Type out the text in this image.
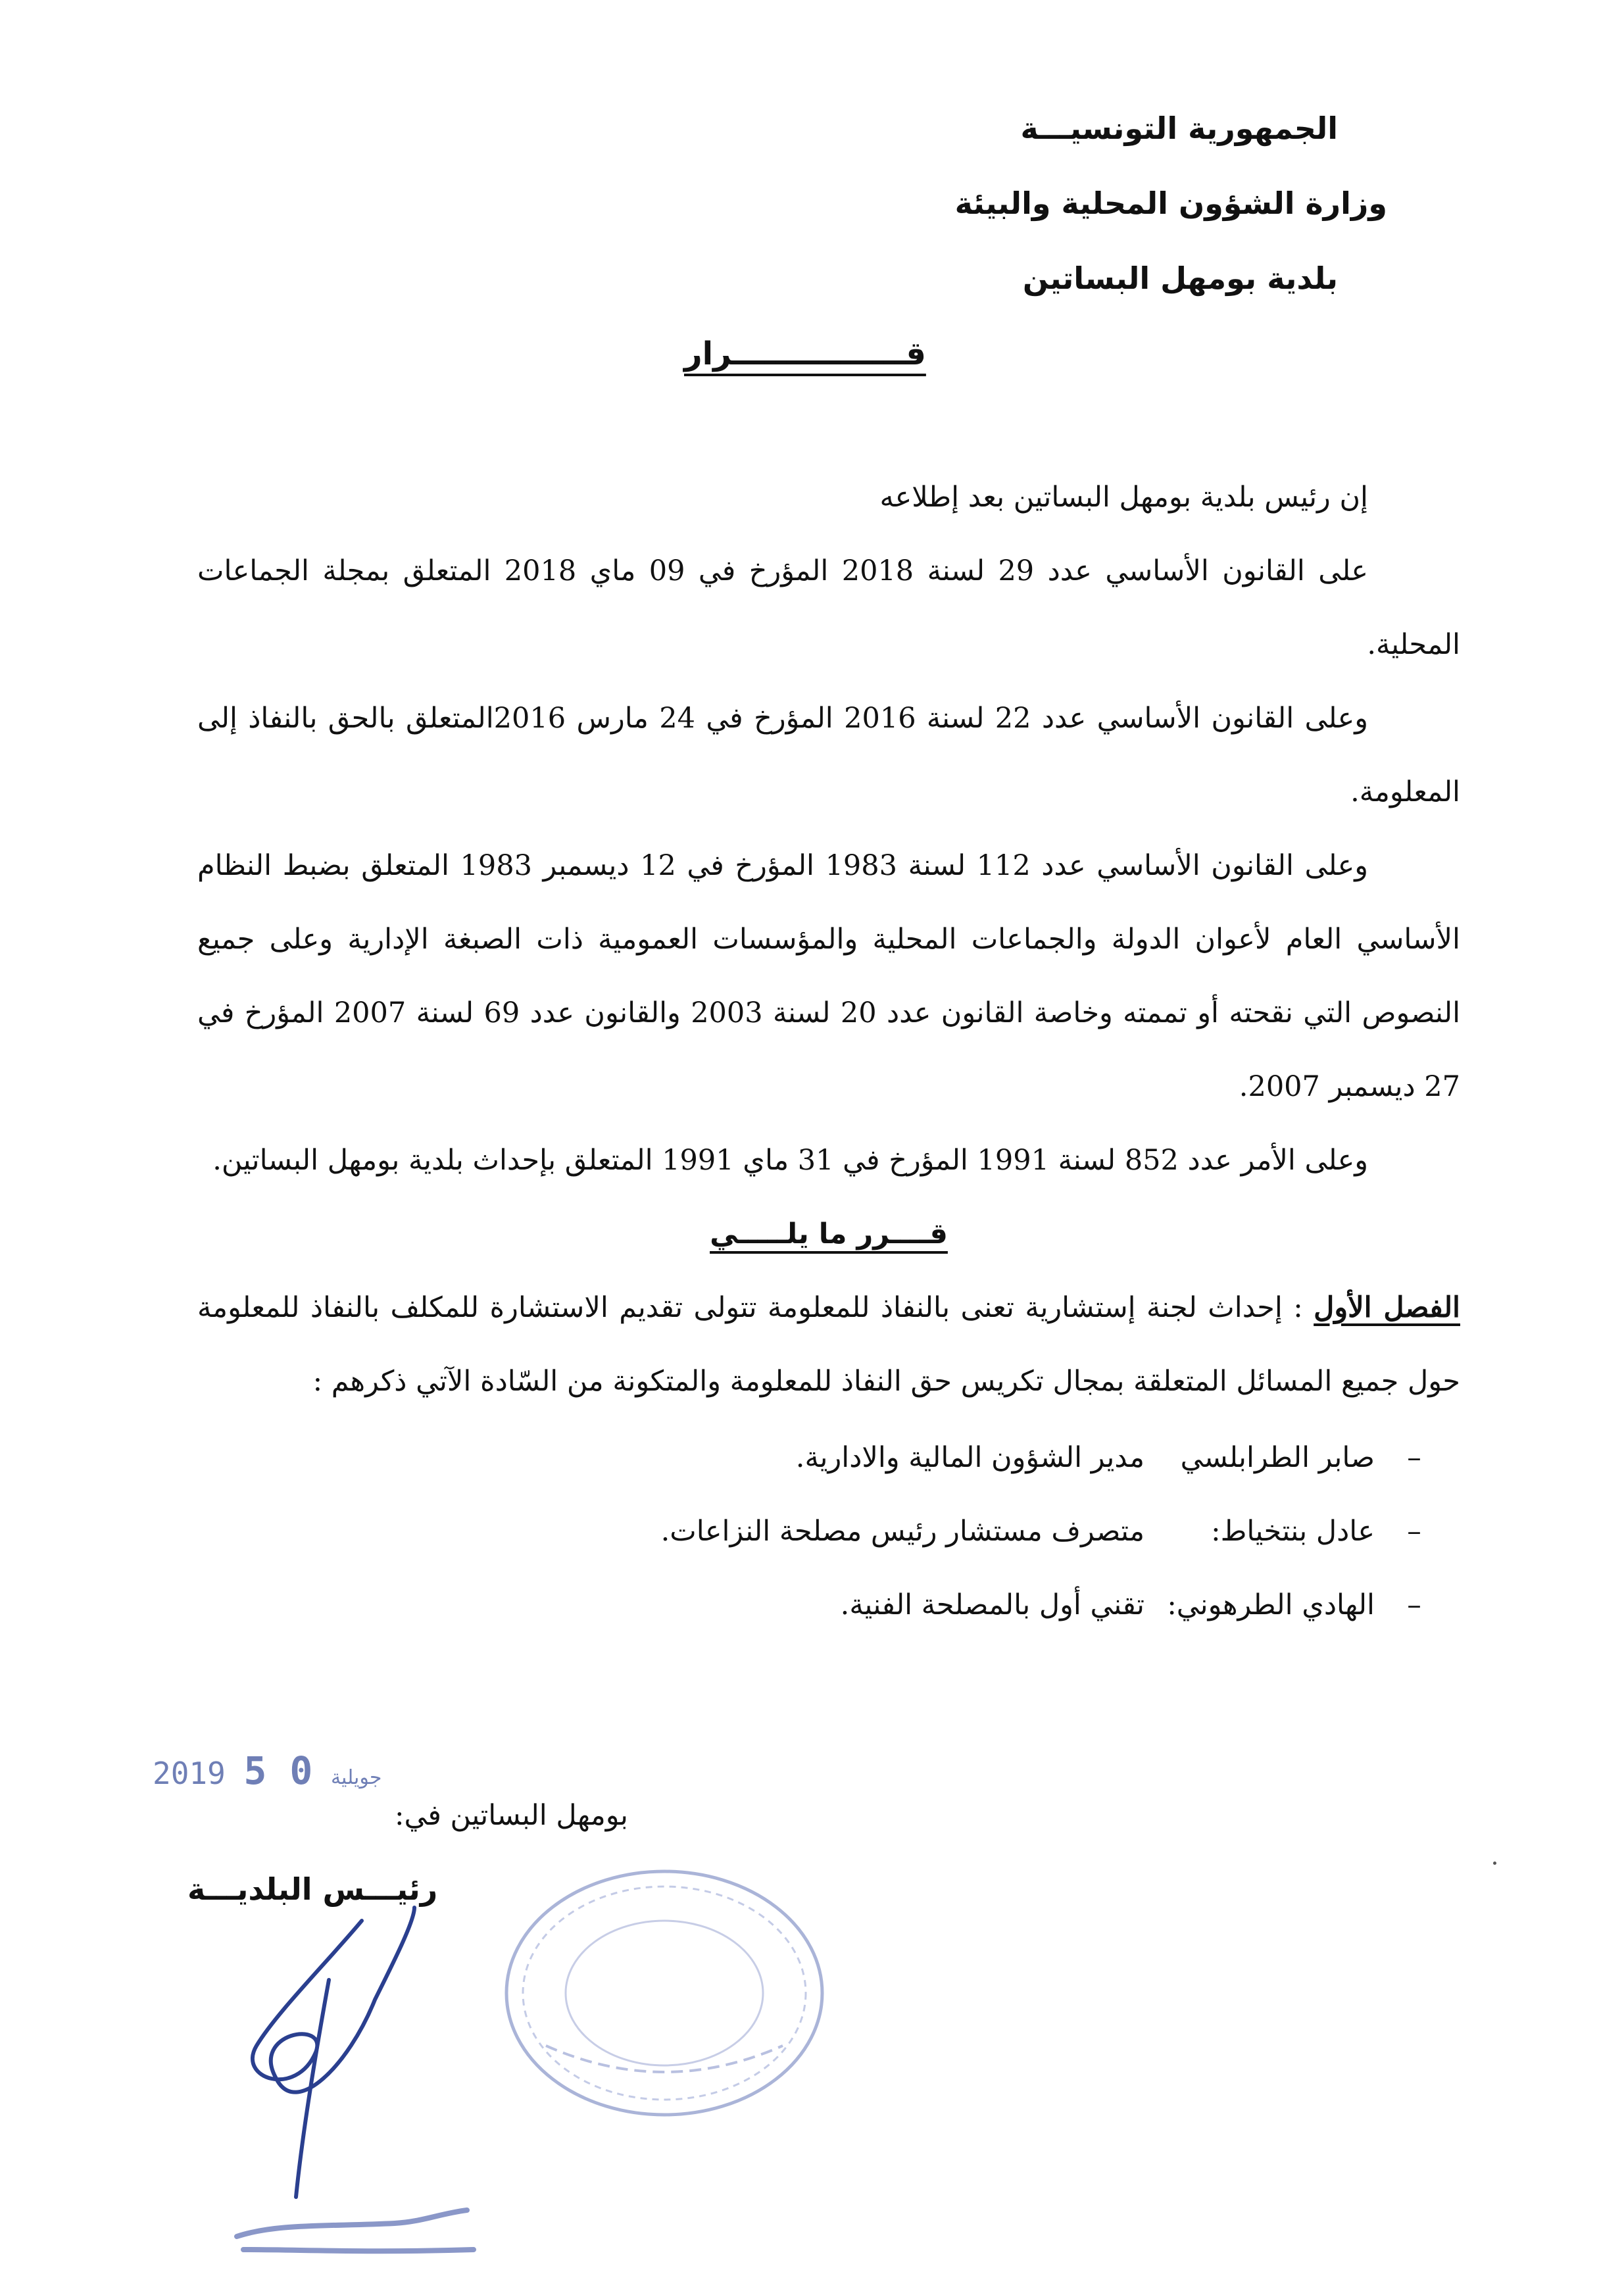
الجمهورية التونسيـــة
وزارة الشؤون المحلية والبيئة
بلدية بومهل البساتين
قــــــــــــــــرار

إن رئيس بلدية بومهل البساتين بعد إطلاعه

على القانون الأساسي عدد 29 لسنة 2018 المؤرخ في 09 ماي 2018 المتعلق بمجلة الجماعات المحلية.

وعلى القانون الأساسي عدد 22 لسنة 2016 المؤرخ في 24 مارس 2016المتعلق بالحق بالنفاذ إلى المعلومة.

وعلى القانون الأساسي عدد 112 لسنة 1983 المؤرخ في 12 ديسمبر 1983 المتعلق بضبط النظام الأساسي العام لأعوان الدولة والجماعات المحلية والمؤسسات العمومية ذات الصبغة الإدارية وعلى جميع النصوص التي نقحته أو تممته وخاصة القانون عدد 20 لسنة 2003 والقانون عدد 69 لسنة 2007 المؤرخ في 27 ديسمبر 2007.

وعلى الأمر عدد 852 لسنة 1991 المؤرخ في 31 ماي 1991 المتعلق بإحداث بلدية بومهل البساتين.

قــــرر ما يلـــــي

الفصل الأول : إحداث لجنة إستشارية تعنى بالنفاذ للمعلومة تتولى تقديم الاستشارة للمكلف بالنفاذ للمعلومة حول جميع المسائل المتعلقة بمجال تكريس حق النفاذ للمعلومة والمتكونة من السّادة الآتي ذكرهم :

–
صابر الطرابلسي
مدير الشؤون المالية والادارية.
–
عادل بنتخياط:
متصرف مستشار رئيس مصلحة النزاعات.
–
الهادي الطرهوني:
تقني أول بالمصلحة الفنية.
2019	جويلية 0 5
بومهل البساتين في:
رئيـــس البلديـــة
